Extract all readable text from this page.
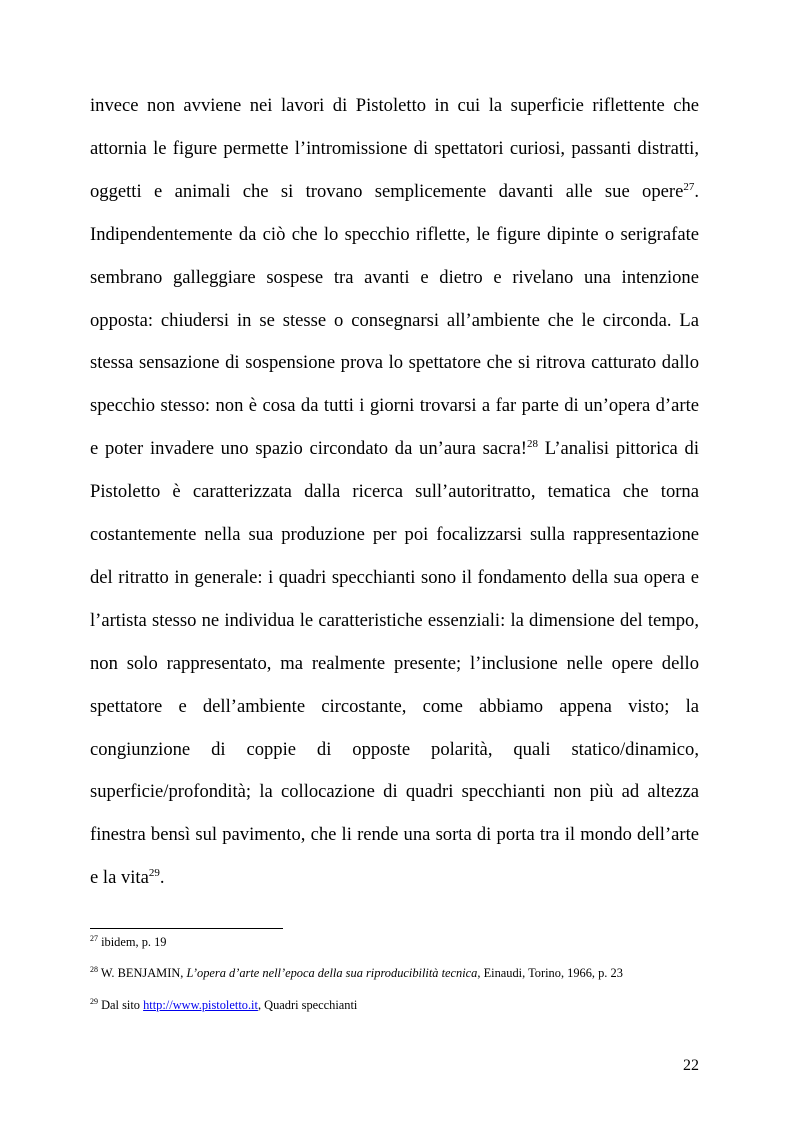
invece non avviene nei lavori di Pistoletto in cui la superficie riflettente che
attornia le figure permette l’intromissione di spettatori curiosi, passanti distratti,
oggetti e animali che si trovano semplicemente davanti alle sue opere$^{27}$.
Indipendentemente da ciò che lo specchio riflette, le figure dipinte o serigrafate
sembrano galleggiare sospese tra avanti e dietro e rivelano una intenzione
opposta: chiudersi in se stesse o consegnarsi all’ambiente che le circonda. La
stessa sensazione di sospensione prova lo spettatore che si ritrova catturato dallo
specchio stesso: non è cosa da tutti i giorni trovarsi a far parte di un’opera d’arte
e poter invadere uno spazio circondato da un’aura sacra!$^{28}$ L’analisi pittorica di
Pistoletto è caratterizzata dalla ricerca sull’autoritratto, tematica che torna
costantemente nella sua produzione per poi focalizzarsi sulla rappresentazione
del ritratto in generale: i quadri specchianti sono il fondamento della sua opera e
l’artista stesso ne individua le caratteristiche essenziali: la dimensione del tempo,
non solo rappresentato, ma realmente presente; l’inclusione nelle opere dello
spettatore e dell’ambiente circostante, come abbiamo appena visto; la
congiunzione di coppie di opposte polarità, quali statico/dinamico,
superficie/profondità; la collocazione di quadri specchianti non più ad altezza
finestra bensì sul pavimento, che li rende una sorta di porta tra il mondo dell’arte
e la vita$^{29}$.
$^{27}$ ibidem, p. 19
$^{28}$ W. BENJAMIN, L’opera d’arte nell’epoca della sua riproducibilità tecnica, Einaudi, Torino, 1966, p. 23
$^{29}$ Dal sito http://www.pistoletto.it, Quadri specchianti
22
